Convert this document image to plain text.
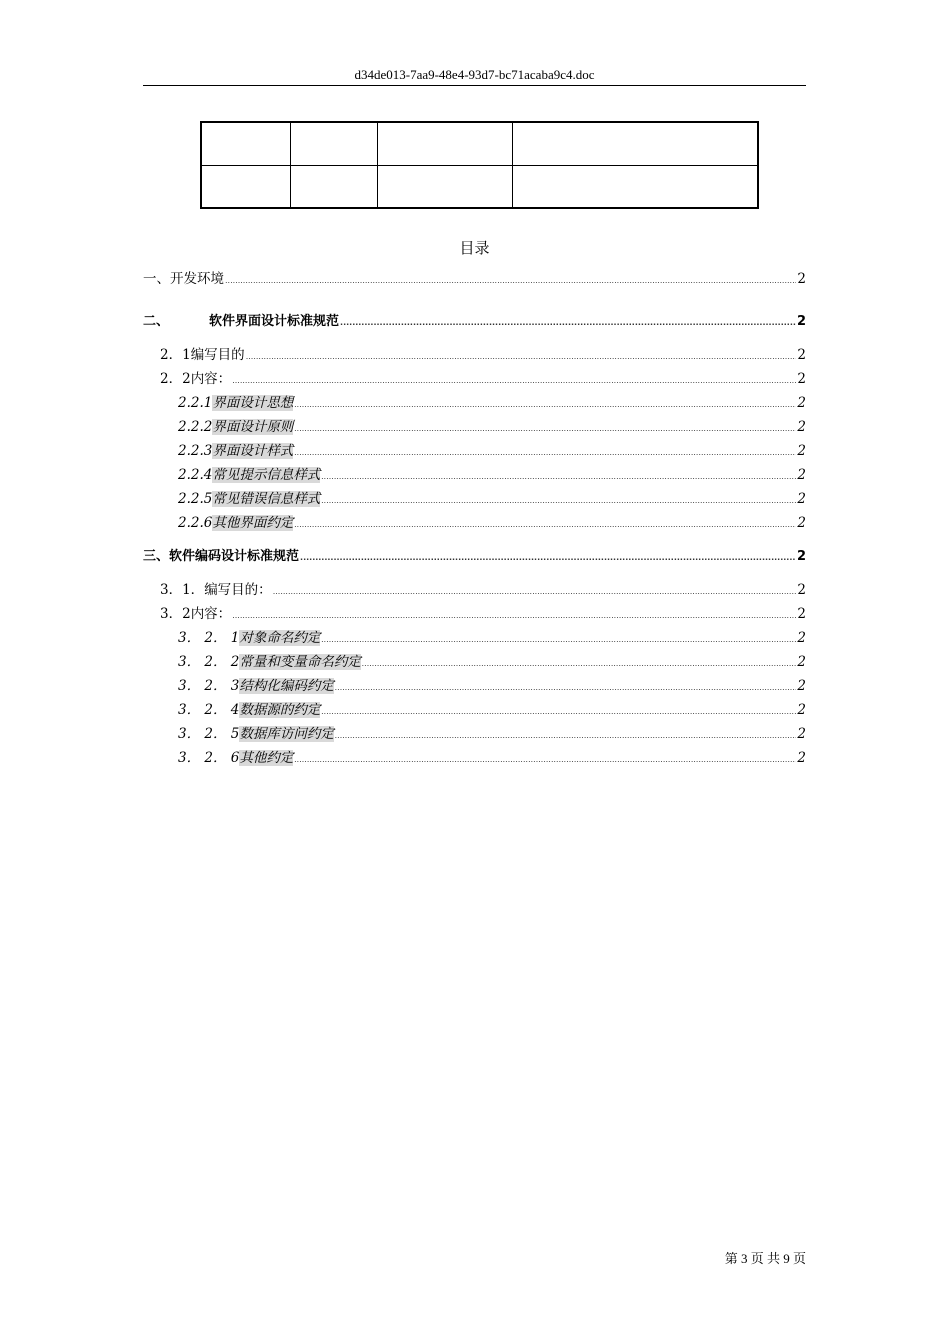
d34de013-7aa9-48e4-93d7-bc71acaba9c4.doc

目录
一、开发环境 .....	2
二、	软件界面设计标准规范 .....	2
2．1编写目的 .....	2
2．2内容： .....	2
2.2.1界面设计思想 .....	2
2.2.2界面设计原则 .....	2
2.2.3界面设计样式 .....	2
2.2.4常见提示信息样式 .....	2
2.2.5常见错误信息样式 .....	2
2.2.6其他界面约定 .....	2
三、软件编码设计标准规范 .....	2
3．1．编写目的： .....	2
3．2内容： .....	2
3． 2． 1对象命名约定 .....	2
3． 2． 2常量和变量命名约定 .....	2
3． 2． 3结构化编码约定 .....	2
3． 2． 4数据源的约定 .....	2
3． 2． 5数据库访问约定 .....	2
3． 2． 6其他约定 .....	2
第 3 页 共 9 页
